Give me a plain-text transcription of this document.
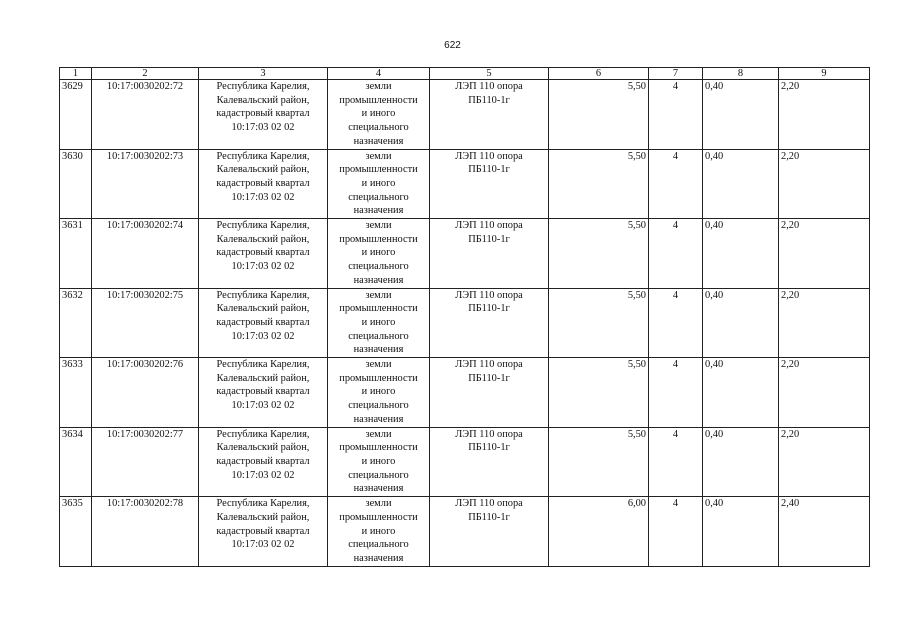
622
1	2	3	4	5	6	7	8	9
3629	10:17:0030202:72	Республика Карелия,
Калевальский район,
кадастровый квартал
10:17:03 02 02	земли
промышленности
и иного
специального
назначения	ЛЭП 110 опора
ПБ110-1г	5,50	4	0,40	2,20
3630	10:17:0030202:73	Республика Карелия,
Калевальский район,
кадастровый квартал
10:17:03 02 02	земли
промышленности
и иного
специального
назначения	ЛЭП 110 опора
ПБ110-1г	5,50	4	0,40	2,20
3631	10:17:0030202:74	Республика Карелия,
Калевальский район,
кадастровый квартал
10:17:03 02 02	земли
промышленности
и иного
специального
назначения	ЛЭП 110 опора
ПБ110-1г	5,50	4	0,40	2,20
3632	10:17:0030202:75	Республика Карелия,
Калевальский район,
кадастровый квартал
10:17:03 02 02	земли
промышленности
и иного
специального
назначения	ЛЭП 110 опора
ПБ110-1г	5,50	4	0,40	2,20
3633	10:17:0030202:76	Республика Карелия,
Калевальский район,
кадастровый квартал
10:17:03 02 02	земли
промышленности
и иного
специального
назначения	ЛЭП 110 опора
ПБ110-1г	5,50	4	0,40	2,20
3634	10:17:0030202:77	Республика Карелия,
Калевальский район,
кадастровый квартал
10:17:03 02 02	земли
промышленности
и иного
специального
назначения	ЛЭП 110 опора
ПБ110-1г	5,50	4	0,40	2,20
3635	10:17:0030202:78	Республика Карелия,
Калевальский район,
кадастровый квартал
10:17:03 02 02	земли
промышленности
и иного
специального
назначения	ЛЭП 110 опора
ПБ110-1г	6,00	4	0,40	2,40
